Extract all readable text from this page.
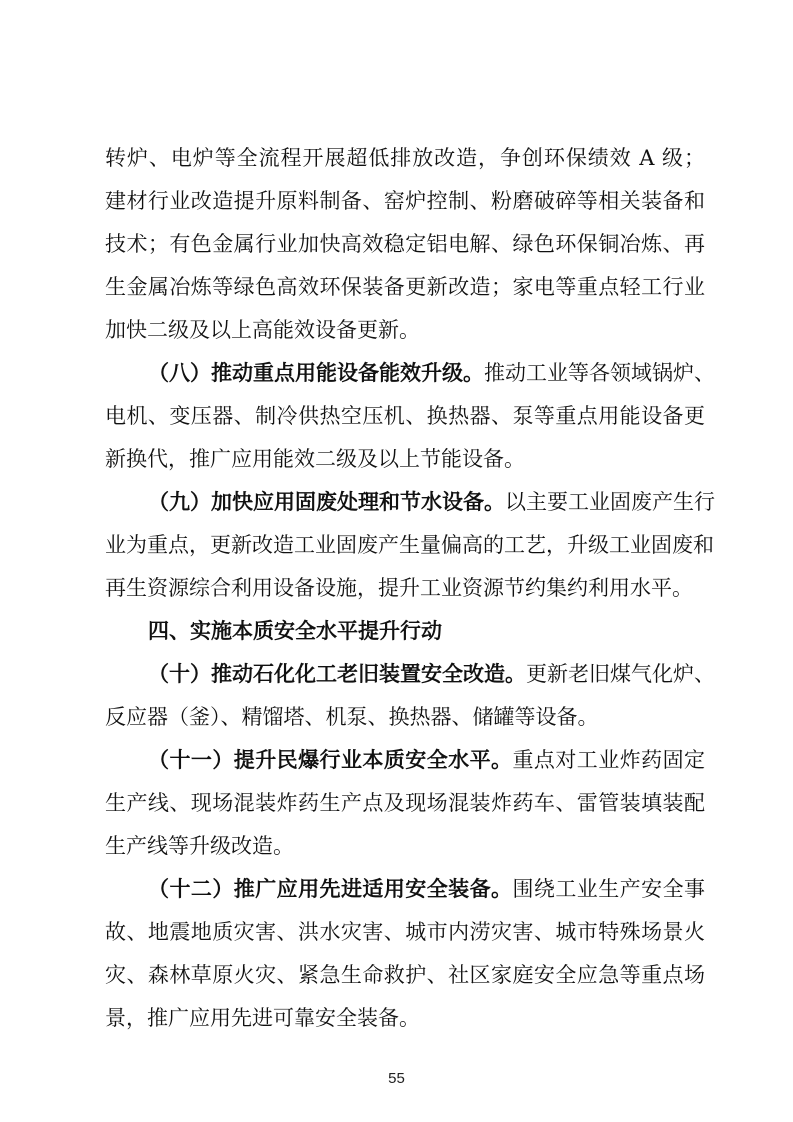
转炉、电炉等全流程开展超低排放改造，争创环保绩效 A 级；
建材行业改造提升原料制备、窑炉控制、粉磨破碎等相关装备和
技术；有色金属行业加快高效稳定铝电解、绿色环保铜冶炼、再
生金属冶炼等绿色高效环保装备更新改造；家电等重点轻工行业
加快二级及以上高能效设备更新。
（八）推动重点用能设备能效升级。推动工业等各领域锅炉、
电机、变压器、制冷供热空压机、换热器、泵等重点用能设备更
新换代，推广应用能效二级及以上节能设备。
（九）加快应用固废处理和节水设备。以主要工业固废产生行
业为重点，更新改造工业固废产生量偏高的工艺，升级工业固废和
再生资源综合利用设备设施，提升工业资源节约集约利用水平。
四、实施本质安全水平提升行动
（十）推动石化化工老旧装置安全改造。更新老旧煤气化炉、
反应器（釜）、精馏塔、机泵、换热器、储罐等设备。
（十一）提升民爆行业本质安全水平。重点对工业炸药固定
生产线、现场混装炸药生产点及现场混装炸药车、雷管装填装配
生产线等升级改造。
（十二）推广应用先进适用安全装备。围绕工业生产安全事
故、地震地质灾害、洪水灾害、城市内涝灾害、城市特殊场景火
灾、森林草原火灾、紧急生命救护、社区家庭安全应急等重点场
景，推广应用先进可靠安全装备。
55
